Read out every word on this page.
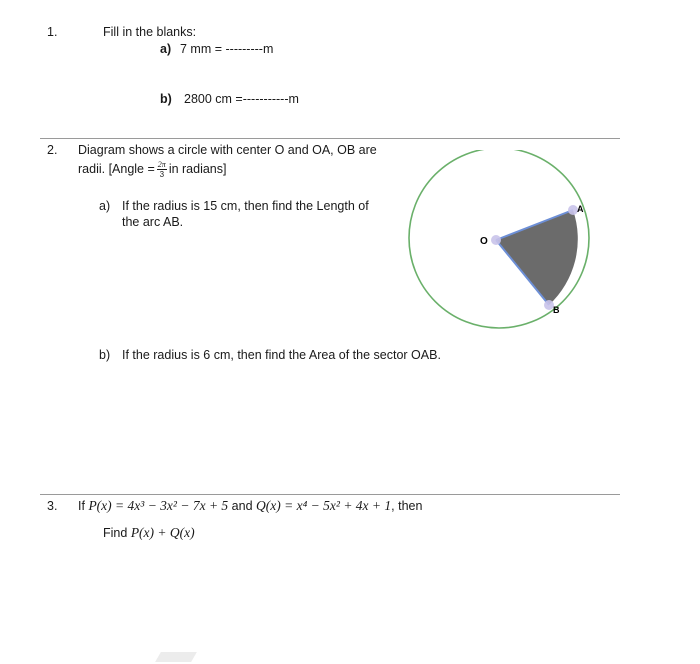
1.	Fill in the blanks:
a) 7 mm = ---------m
b) 2800 cm =-----------m
2. Diagram shows a circle with center O and OA, OB are
radii. [Angle = $\frac{2\pi}{3}$ in radians]
a) If the radius is 15 cm, then find the Length of
the arc AB.
b) If the radius is 6 cm, then find the Area of the sector OAB.
O
A
B
3. If P(x) = 4x³ − 3x² − 7x + 5 and Q(x) = x⁴ − 5x² + 4x + 1, then
Find P(x) + Q(x)
